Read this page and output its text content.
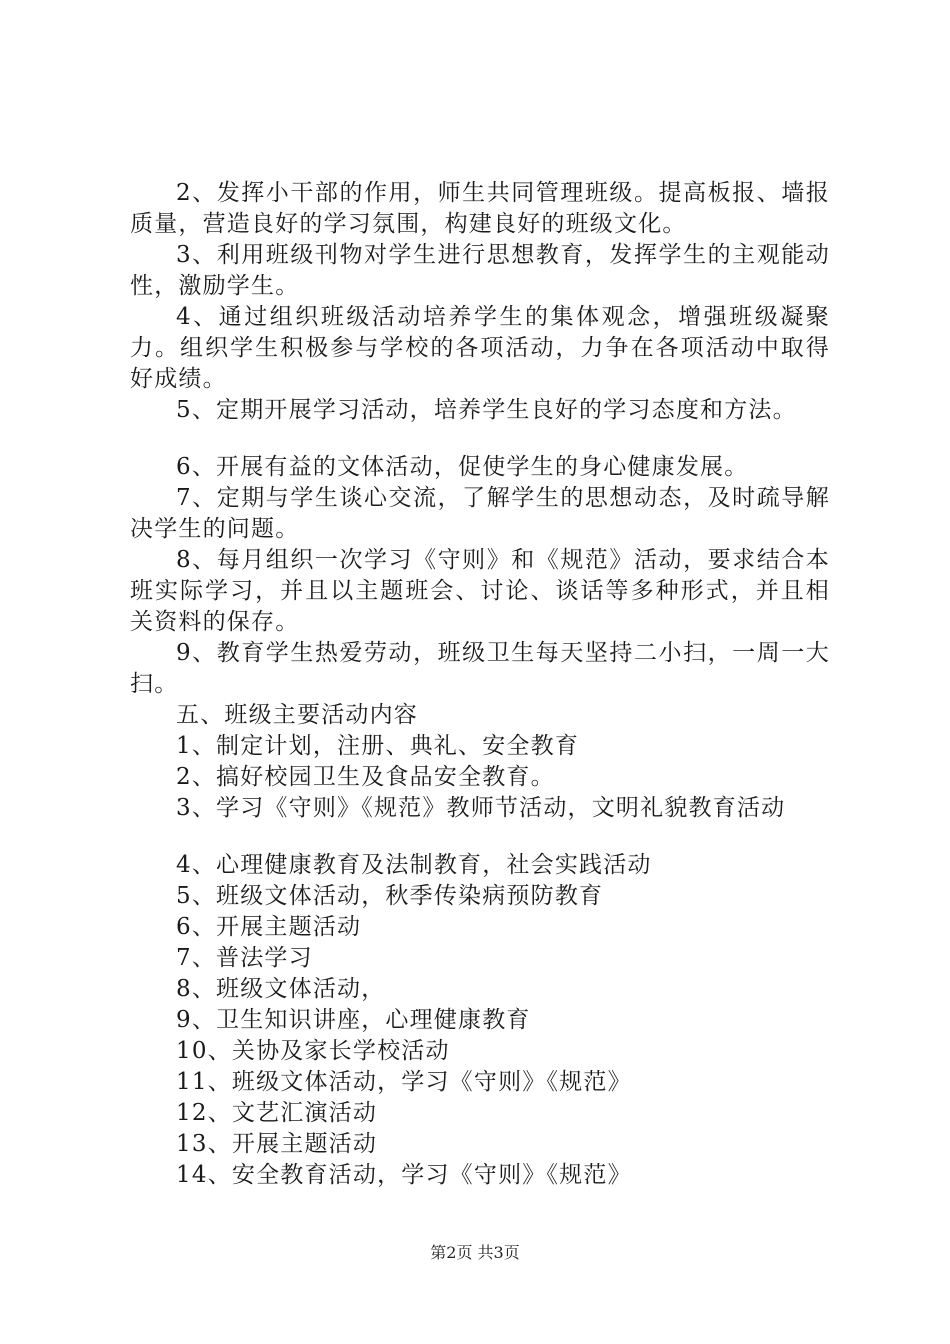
2、发挥小干部的作用，师生共同管理班级。提高板报、墙报质量，营造良好的学习氛围，构建良好的班级文化。

3、利用班级刊物对学生进行思想教育，发挥学生的主观能动性，激励学生。

4、通过组织班级活动培养学生的集体观念，增强班级凝聚力。组织学生积极参与学校的各项活动，力争在各项活动中取得好成绩。

5、定期开展学习活动，培养学生良好的学习态度和方法。

6、开展有益的文体活动，促使学生的身心健康发展。

7、定期与学生谈心交流，了解学生的思想动态，及时疏导解决学生的问题。

8、每月组织一次学习《守则》和《规范》活动，要求结合本班实际学习，并且以主题班会、讨论、谈话等多种形式，并且相关资料的保存。

9、教育学生热爱劳动，班级卫生每天坚持二小扫，一周一大扫。

五、班级主要活动内容

1、制定计划，注册、典礼、安全教育

2、搞好校园卫生及食品安全教育。

3、学习《守则》《规范》教师节活动，文明礼貌教育活动

4、心理健康教育及法制教育，社会实践活动

5、班级文体活动，秋季传染病预防教育

6、开展主题活动

7、普法学习

8、班级文体活动，

9、卫生知识讲座，心理健康教育

10、关协及家长学校活动

11、班级文体活动，学习《守则》《规范》

12、文艺汇演活动

13、开展主题活动

14、安全教育活动，学习《守则》《规范》

第2页 共3页
